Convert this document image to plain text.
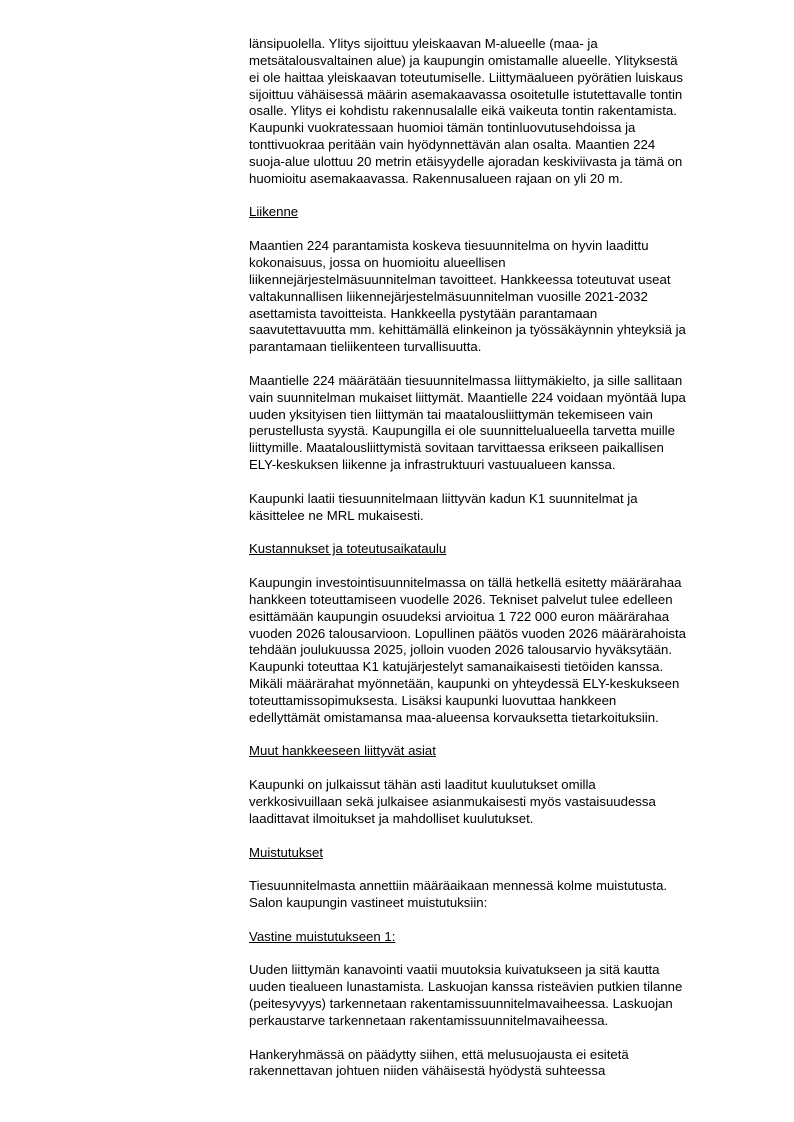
länsipuolella. Ylitys sijoittuu yleiskaavan M-alueelle (maa- ja
metsätalousvaltainen alue) ja kaupungin omistamalle alueelle. Ylityksestä
ei ole haittaa yleiskaavan toteutumiselle. Liittymäalueen pyörätien luiskaus
sijoittuu vähäisessä määrin asemakaavassa osoitetulle istutettavalle tontin
osalle. Ylitys ei kohdistu rakennusalalle eikä vaikeuta tontin rakentamista.
Kaupunki vuokratessaan huomioi tämän tontinluovutusehdoissa ja
tonttivuokraa peritään vain hyödynnettävän alan osalta. Maantien 224
suoja-alue ulottuu 20 metrin etäisyydelle ajoradan keskiviivasta ja tämä on
huomioitu asemakaavassa. Rakennusalueen rajaan on yli 20 m.
Liikenne
Maantien 224 parantamista koskeva tiesuunnitelma on hyvin laadittu
kokonaisuus, jossa on huomioitu alueellisen
liikennejärjestelmäsuunnitelman tavoitteet. Hankkeessa toteutuvat useat
valtakunnallisen liikennejärjestelmäsuunnitelman vuosille 2021-2032
asettamista tavoitteista. Hankkeella pystytään parantamaan
saavutettavuutta mm. kehittämällä elinkeinon ja työssäkäynnin yhteyksiä ja
parantamaan tieliikenteen turvallisuutta.
Maantielle 224 määrätään tiesuunnitelmassa liittymäkielto, ja sille sallitaan
vain suunnitelman mukaiset liittymät. Maantielle 224 voidaan myöntää lupa
uuden yksityisen tien liittymän tai maatalousliittymän tekemiseen vain
perustellusta syystä. Kaupungilla ei ole suunnittelualueella tarvetta muille
liittymille. Maatalousliittymistä sovitaan tarvittaessa erikseen paikallisen
ELY-keskuksen liikenne ja infrastruktuuri vastuualueen kanssa.
Kaupunki laatii tiesuunnitelmaan liittyvän kadun K1 suunnitelmat ja
käsittelee ne MRL mukaisesti.
Kustannukset ja toteutusaikataulu
Kaupungin investointisuunnitelmassa on tällä hetkellä esitetty määrärahaa
hankkeen toteuttamiseen vuodelle 2026. Tekniset palvelut tulee edelleen
esittämään kaupungin osuudeksi arvioitua 1 722 000 euron määrärahaa
vuoden 2026 talousarvioon. Lopullinen päätös vuoden 2026 määrärahoista
tehdään joulukuussa 2025, jolloin vuoden 2026 talousarvio hyväksytään.
Kaupunki toteuttaa K1 katujärjestelyt samanaikaisesti tietöiden kanssa.
Mikäli määrärahat myönnetään, kaupunki on yhteydessä ELY-keskukseen
toteuttamissopimuksesta. Lisäksi kaupunki luovuttaa hankkeen
edellyttämät omistamansa maa-alueensa korvauksetta tietarkoituksiin.
Muut hankkeeseen liittyvät asiat
Kaupunki on julkaissut tähän asti laaditut kuulutukset omilla
verkkosivuillaan sekä julkaisee asianmukaisesti myös vastaisuudessa
laadittavat ilmoitukset ja mahdolliset kuulutukset.
Muistutukset
Tiesuunnitelmasta annettiin määräaikaan mennessä kolme muistutusta.
Salon kaupungin vastineet muistutuksiin:
Vastine muistutukseen 1:
Uuden liittymän kanavointi vaatii muutoksia kuivatukseen ja sitä kautta
uuden tiealueen lunastamista. Laskuojan kanssa risteävien putkien tilanne
(peitesyvyys) tarkennetaan rakentamissuunnitelmavaiheessa. Laskuojan
perkaustarve tarkennetaan rakentamissuunnitelmavaiheessa.
Hankeryhmässä on päädytty siihen, että melusuojausta ei esitetä
rakennettavan johtuen niiden vähäisestä hyödystä suhteessa
